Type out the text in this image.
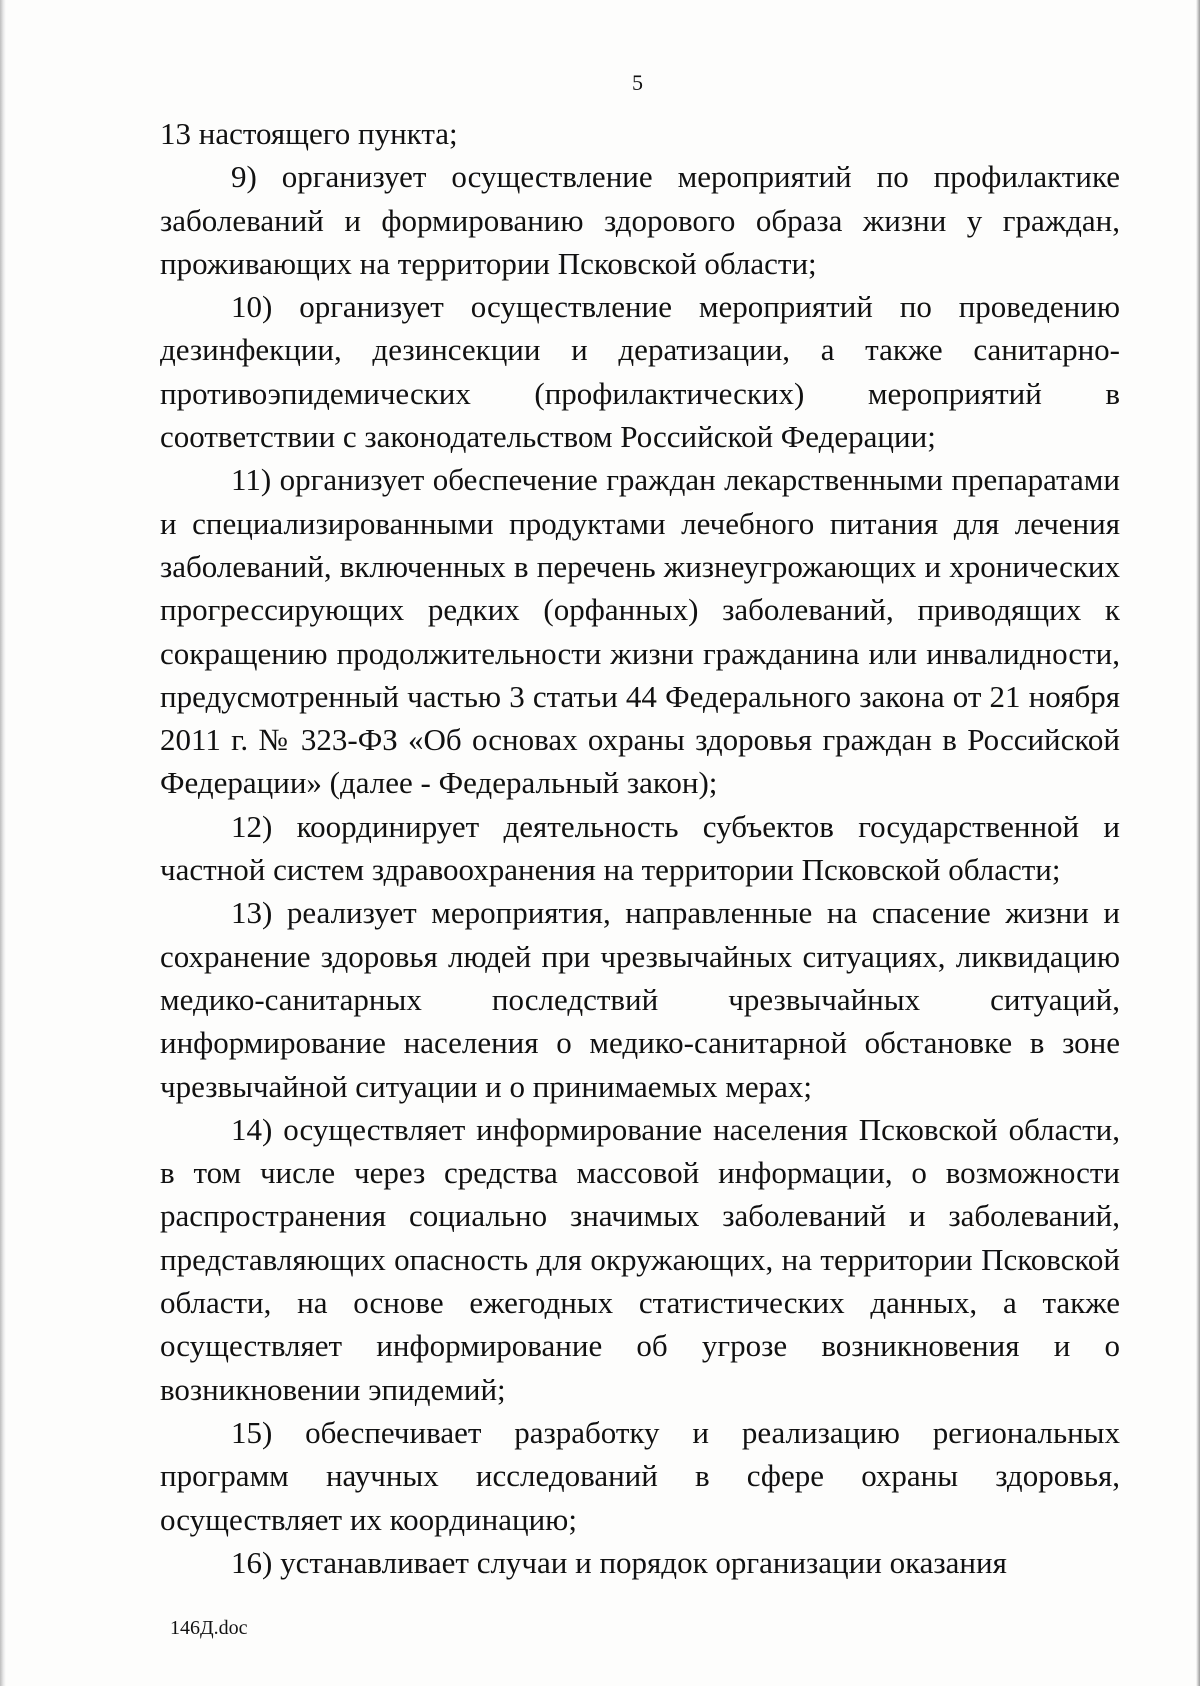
5

13 настоящего пункта;

9) организует осуществление мероприятий по профилактике заболеваний и формированию здорового образа жизни у граждан, проживающих на территории Псковской области;

10) организует осуществление мероприятий по проведению дезинфекции, дезинсекции и дератизации, а также санитарно-противоэпидемических (профилактических) мероприятий в соответствии с законодательством Российской Федерации;

11) организует обеспечение граждан лекарственными препаратами и специализированными продуктами лечебного питания для лечения заболеваний, включенных в перечень жизнеугрожающих и хронических прогрессирующих редких (орфанных) заболеваний, приводящих к сокращению продолжительности жизни гражданина или инвалидности, предусмотренный частью 3 статьи 44 Федерального закона от 21 ноября 2011 г. № 323-ФЗ «Об основах охраны здоровья граждан в Российской Федерации» (далее - Федеральный закон);

12) координирует деятельность субъектов государственной и частной систем здравоохранения на территории Псковской области;

13) реализует мероприятия, направленные на спасение жизни и сохранение здоровья людей при чрезвычайных ситуациях, ликвидацию медико-санитарных последствий чрезвычайных ситуаций, информирование населения о медико-санитарной обстановке в зоне чрезвычайной ситуации и о принимаемых мерах;

14) осуществляет информирование населения Псковской области, в том числе через средства массовой информации, о возможности распространения социально значимых заболеваний и заболеваний, представляющих опасность для окружающих, на территории Псковской области, на основе ежегодных статистических данных, а также осуществляет информирование об угрозе возникновения и о возникновении эпидемий;

15) обеспечивает разработку и реализацию региональных программ научных исследований в сфере охраны здоровья, осуществляет их координацию;

16) устанавливает случаи и порядок организации оказания

146Д.doc
